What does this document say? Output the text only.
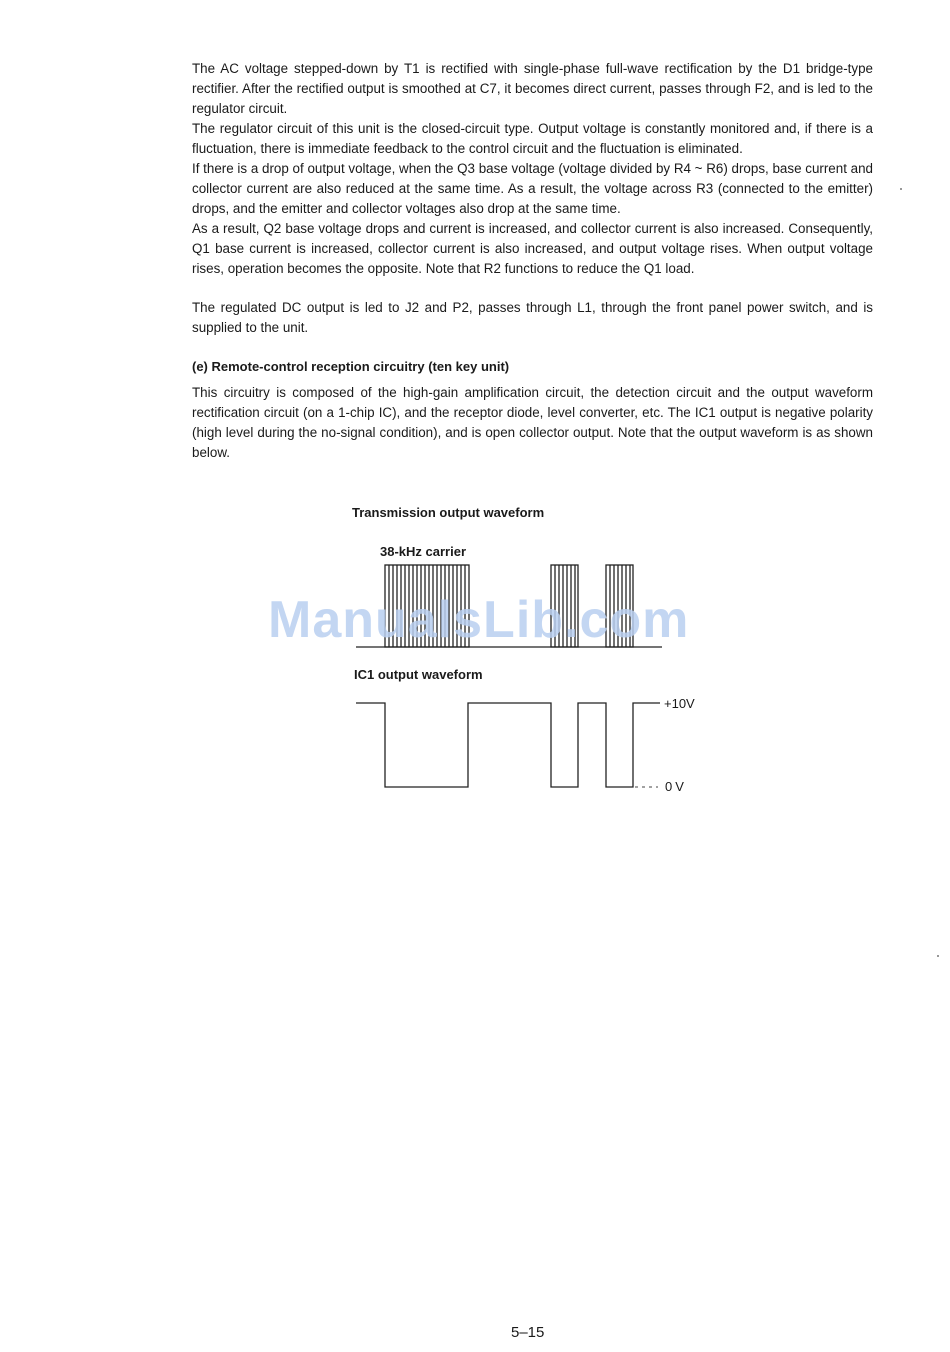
The AC voltage stepped-down by T1 is rectified with single-phase full-wave rectification by the D1 bridge-type rectifier. After the rectified output is smoothed at C7, it becomes direct current, passes through F2, and is led to the regulator circuit.

The regulator circuit of this unit is the closed-circuit type. Output voltage is constantly monitored and, if there is a fluctuation, there is immediate feedback to the control circuit and the fluctuation is eliminated.

If there is a drop of output voltage, when the Q3 base voltage (voltage divided by R4 ~ R6) drops, base current and collector current are also reduced at the same time. As a result, the voltage across R3 (connected to the emitter) drops, and the emitter and collector voltages also drop at the same time.

As a result, Q2 base voltage drops and current is increased, and collector current is also increased. Consequently, Q1 base current is increased, collector current is also increased, and output voltage rises. When output voltage rises, operation becomes the opposite. Note that R2 functions to reduce the Q1 load.

The regulated DC output is led to J2 and P2, passes through L1, through the front panel power switch, and is supplied to the unit.

(e) Remote-control reception circuitry (ten key unit)

This circuitry is composed of the high-gain amplification circuit, the detection circuit and the output waveform rectification circuit (on a 1-chip IC), and the receptor diode, level converter, etc. The IC1 output is negative polarity (high level during the no-signal condition), and is open collector output. Note that the output waveform is as shown below.

Transmission output waveform
38-kHz carrier
IC1 output waveform
+10V
0V
ManualsLib.com
5–15
